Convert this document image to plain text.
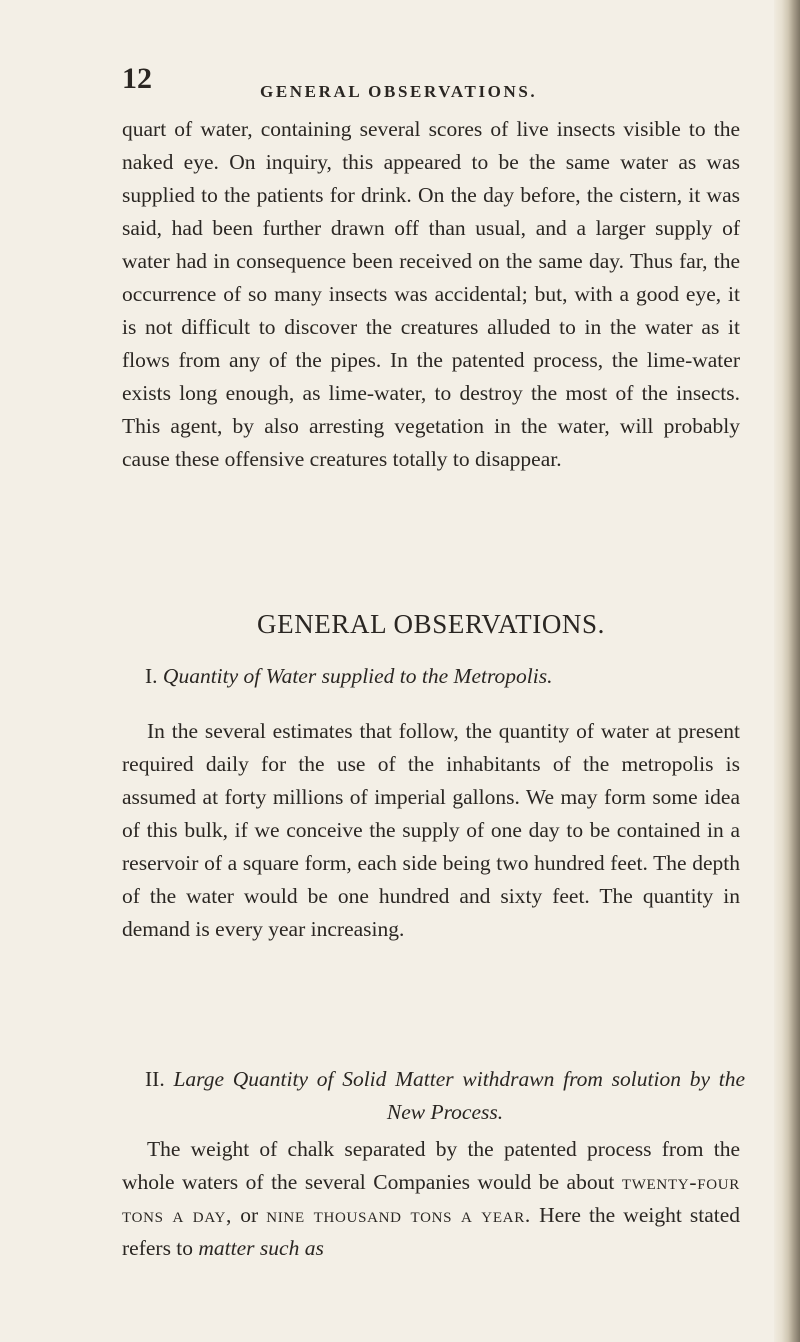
12	GENERAL OBSERVATIONS.

quart of water, containing several scores of live insects visible to the naked eye. On inquiry, this appeared to be the same water as was supplied to the patients for drink. On the day before, the cistern, it was said, had been further drawn off than usual, and a larger supply of water had in consequence been received on the same day. Thus far, the occurrence of so many insects was accidental; but, with a good eye, it is not difficult to discover the creatures alluded to in the water as it flows from any of the pipes. In the patented process, the lime-water exists long enough, as lime-water, to destroy the most of the insects. This agent, by also arresting vegetation in the water, will probably cause these offensive creatures totally to disappear.

GENERAL OBSERVATIONS.

I. Quantity of Water supplied to the Metropolis.

In the several estimates that follow, the quantity of water at present required daily for the use of the inhabitants of the metropolis is assumed at forty millions of imperial gallons. We may form some idea of this bulk, if we conceive the supply of one day to be contained in a reservoir of a square form, each side being two hundred feet. The depth of the water would be one hundred and sixty feet. The quantity in demand is every year increasing.

II. Large Quantity of Solid Matter withdrawn from solution by the New Process.

The weight of chalk separated by the patented process from the whole waters of the several Companies would be about twenty-four tons a day, or nine thousand tons a year. Here the weight stated refers to matter such as
